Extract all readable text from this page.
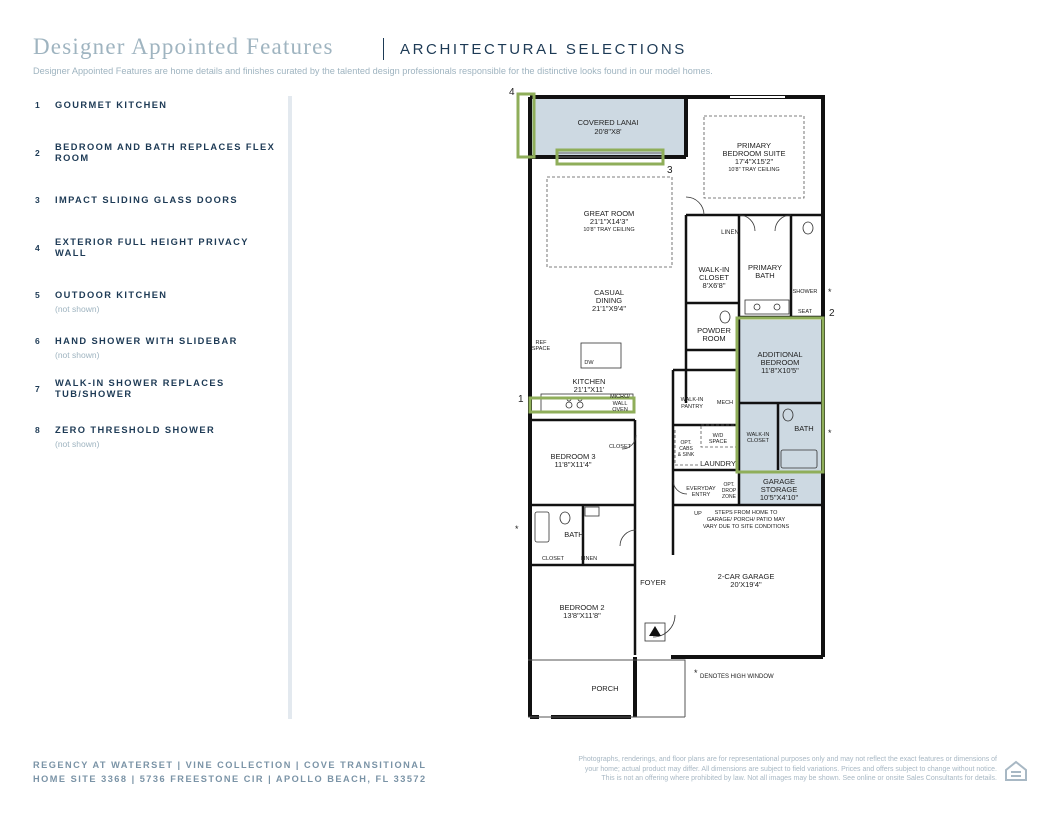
Designer Appointed Features	ARCHITECTURAL SELECTIONS
Designer Appointed Features are home details and finishes curated by the talented design professionals responsible for the distinctive looks found in our model homes.
1 GOURMET KITCHEN
2
BEDROOM AND BATH REPLACES FLEX ROOM
3 IMPACT SLIDING GLASS DOORS
4
EXTERIOR FULL HEIGHT PRIVACY WALL
5 OUTDOOR KITCHEN
(not shown)
6 HAND SHOWER WITH SLIDEBAR
(not shown)
7
WALK-IN SHOWER REPLACES TUB/SHOWER
8 ZERO THRESHOLD SHOWER
(not shown)
1
2
3
4
COVERED LANAI
20'8"X8'
PRIMARY
BEDROOM SUITE
17'4"X15'2"
10'8" TRAY CEILING
GREAT ROOM
21'1"X14'3"
10'8" TRAY CEILING	LINEN
WALK-IN
CLOSET
8'X6'8"
PRIMARY
BATH
SHOWER
SEAT
CASUAL
DINING
21'1"X9'4"
POWDER
ROOM
ADDITIONAL
BEDROOM
11'8"X10'5"
REF
SPACE
DW
KITCHEN
21'1"X11'
MICRO/
WALL
OVEN
WALK-IN
PANTRY
MECH
WALK-IN
CLOSET
BATH
OPT.
CABS
& SINK
W/D
SPACE
LAUNDRY
BEDROOM 3
11'8"X11'4"
CLOSET
EVERYDAY
ENTRY
OPT.
DROP
ZONE
GARAGE
STORAGE
10'5"X4'10"
UP STEPS FROM HOME TO
GARAGE/ PORCH/ PATIO MAY
VARY DUE TO SITE CONDITIONS
BATH
CLOSET	LINEN
FOYER
2-CAR GARAGE
20'X19'4"
BEDROOM 2
13'8"X11'8"
PORCH
*
*
*
* DENOTES HIGH WINDOW
REGENCY AT WATERSET | VINE COLLECTION | COVE TRANSITIONAL
HOME SITE 3368 | 5736 FREESTONE CIR | APOLLO BEACH, FL 33572
Photographs, renderings, and floor plans are for representational purposes only and may not reflect the exact features or dimensions of
your home; actual product may differ. All dimensions are subject to field variations. Prices and offers subject to change without notice.
This is not an offering where prohibited by law. Not all images may be shown. See online or onsite Sales Consultants for details.
